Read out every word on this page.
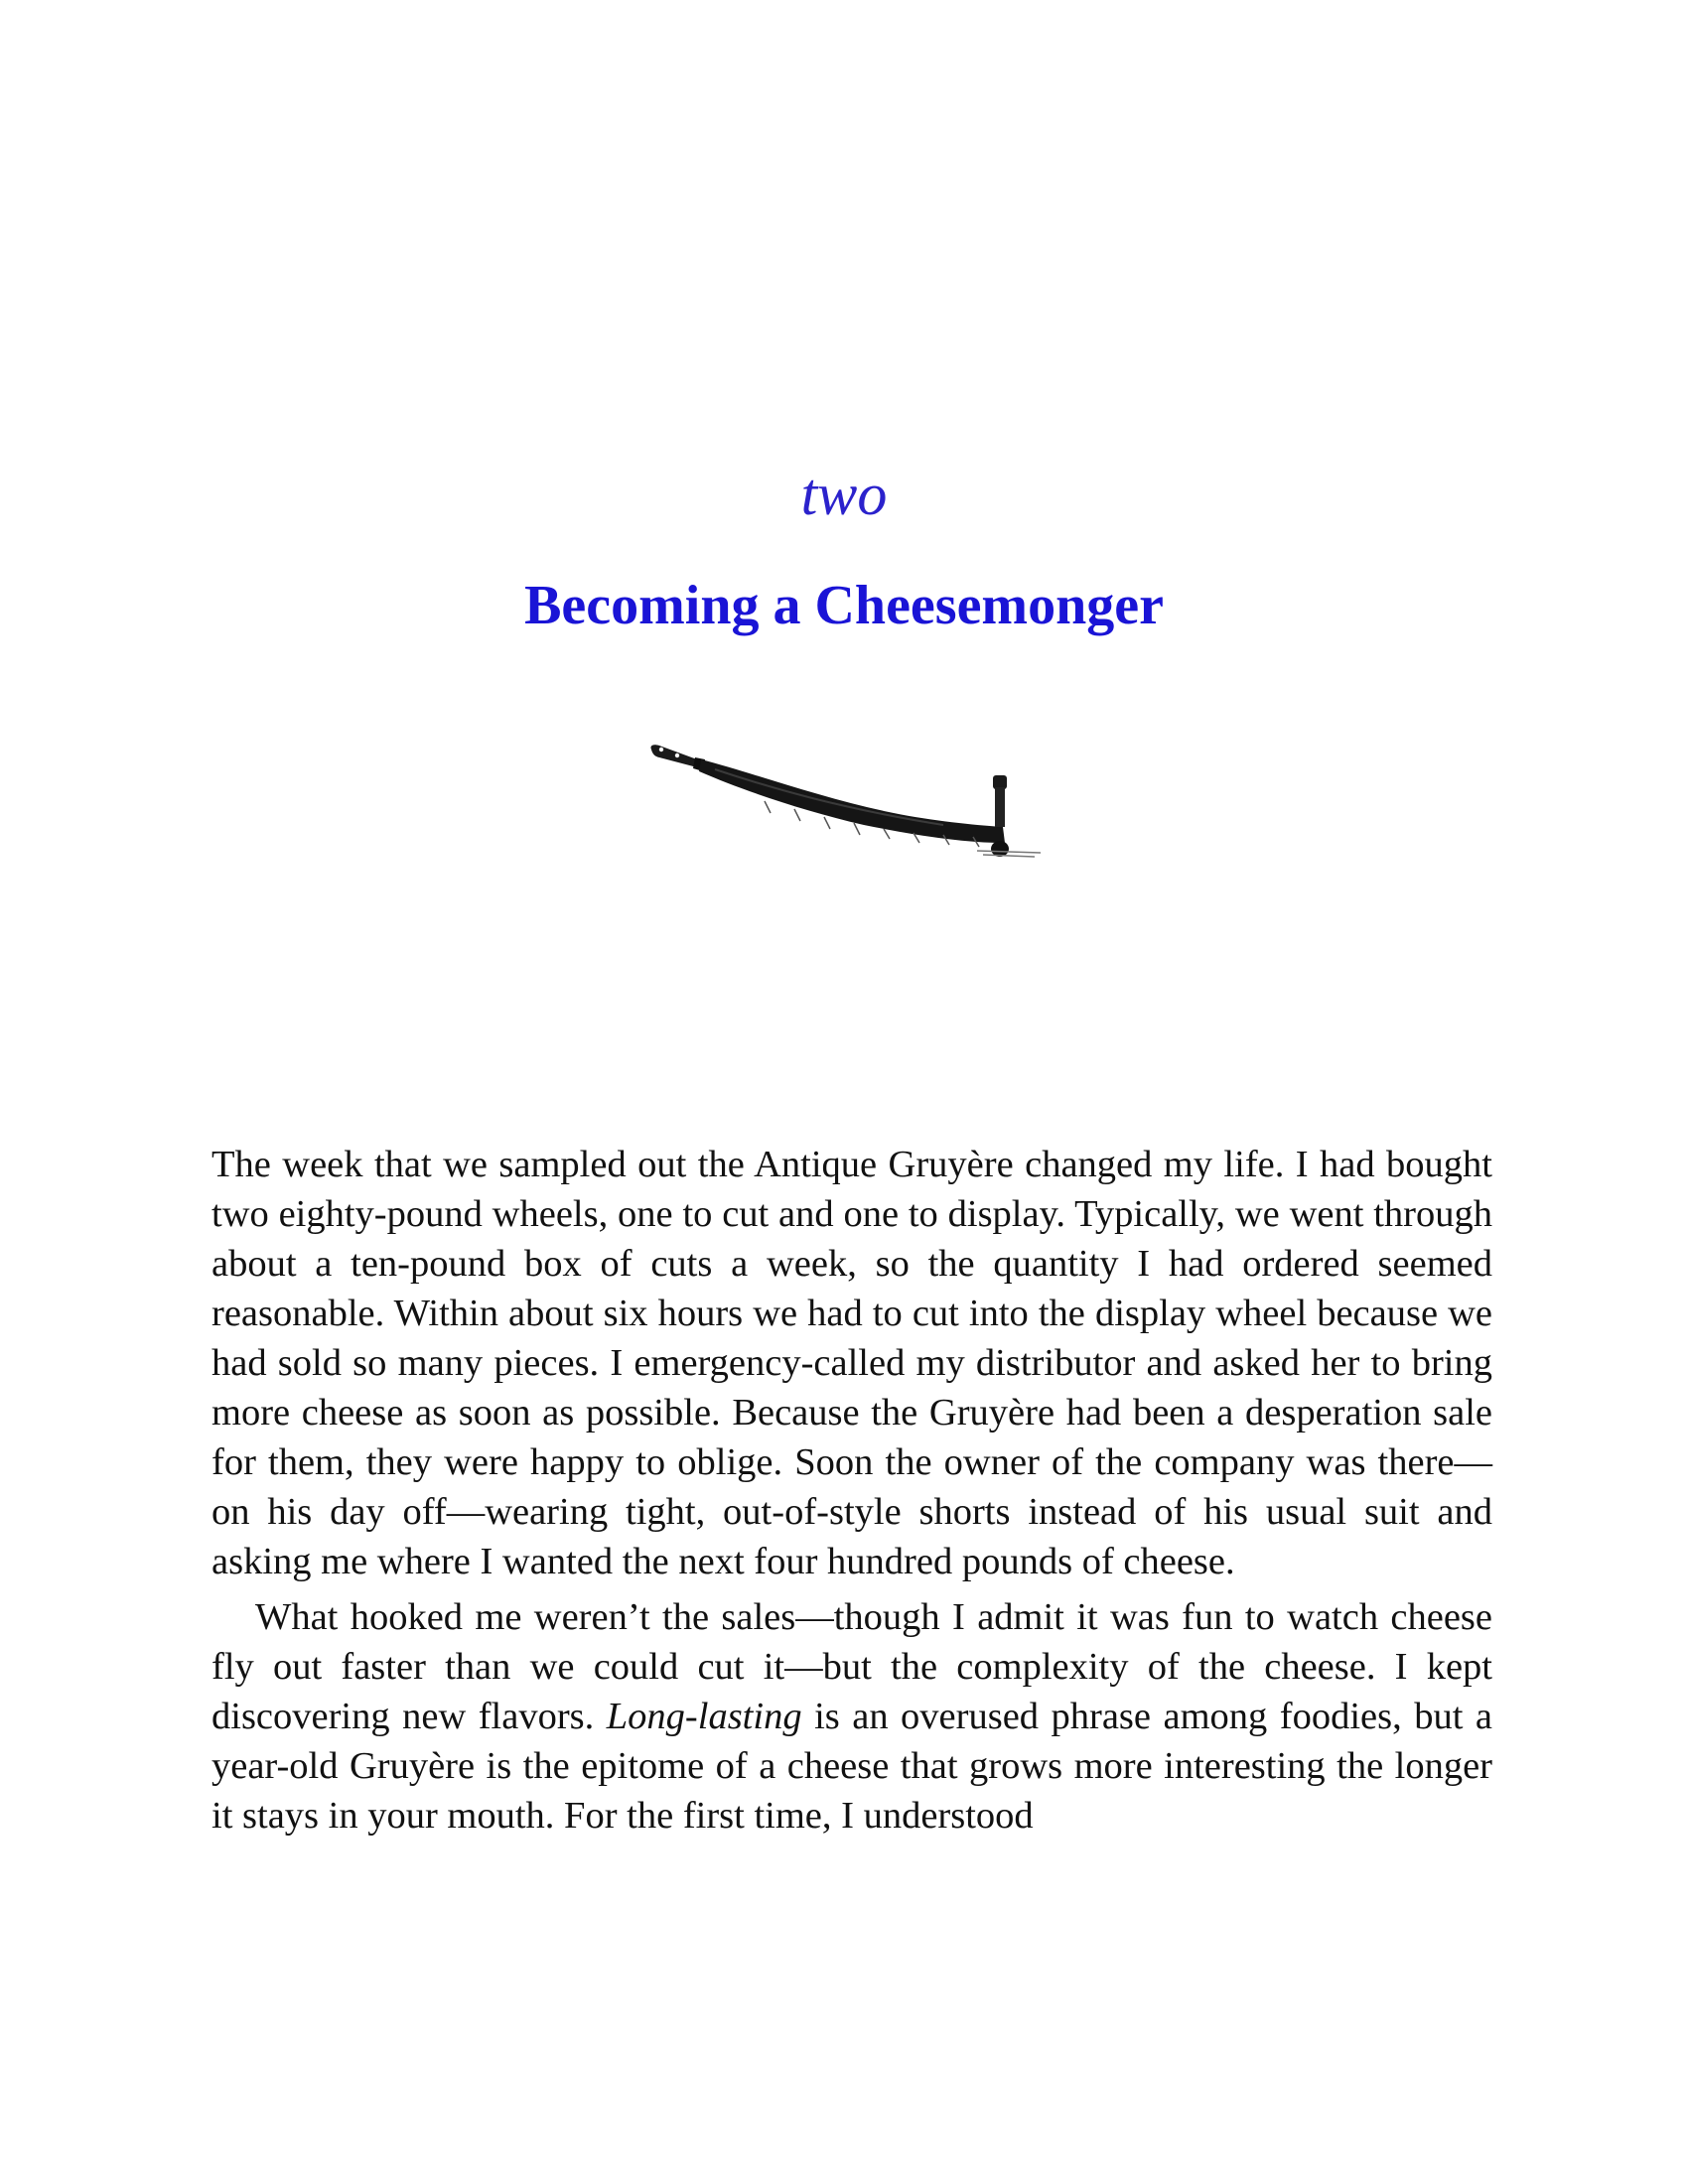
two
Becoming a Cheesemonger

The week that we sampled out the Antique Gruyère changed my life. I had bought two eighty-pound wheels, one to cut and one to display. Typically, we went through about a ten-pound box of cuts a week, so the quantity I had ordered seemed reasonable. Within about six hours we had to cut into the display wheel because we had sold so many pieces. I emergency-called my distributor and asked her to bring more cheese as soon as possible. Because the Gruyère had been a desperation sale for them, they were happy to oblige. Soon the owner of the company was there—on his day off—wearing tight, out-of-style shorts instead of his usual suit and asking me where I wanted the next four hundred pounds of cheese.

What hooked me weren’t the sales—though I admit it was fun to watch cheese fly out faster than we could cut it—but the complexity of the cheese. I kept discovering new flavors. Long-lasting is an overused phrase among foodies, but a year-old Gruyère is the epitome of a cheese that grows more interesting the longer it stays in your mouth. For the first time, I understood
